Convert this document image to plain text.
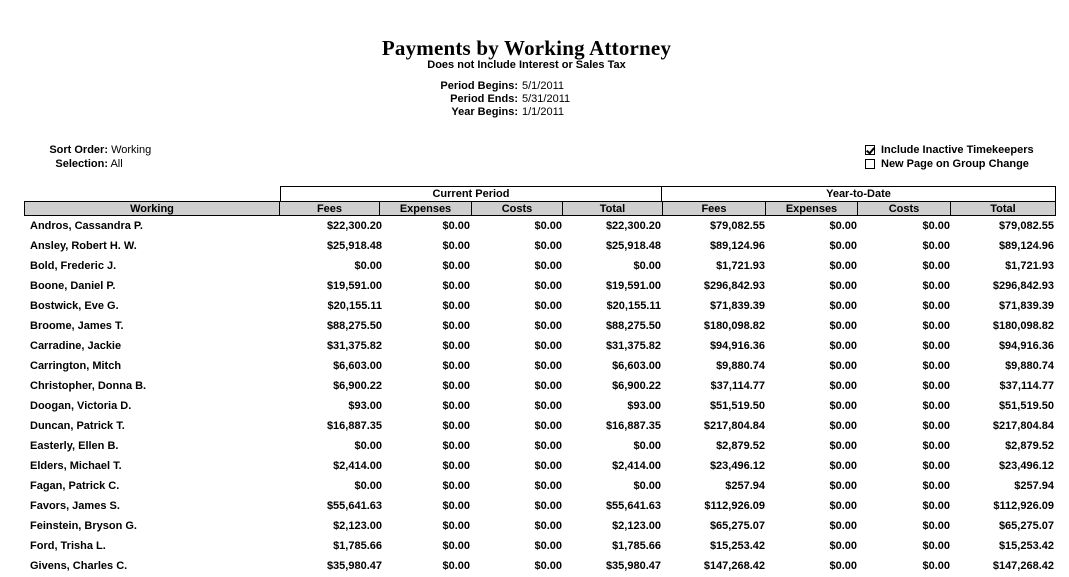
Payments by Working Attorney
Does not Include Interest or Sales Tax
Period Begins: 5/1/2011
Period Ends: 5/31/2011
Year Begins: 1/1/2011
Sort Order: Working
Selection: All
Include Inactive Timekeepers
New Page on Group Change
Current Period	Year-to-Date
Working	Fees	Expenses	Costs	Total	Fees	Expenses	Costs	Total
Andros, Cassandra P.	$22,300.20	$0.00	$0.00	$22,300.20	$79,082.55	$0.00	$0.00	$79,082.55
Ansley, Robert H. W.	$25,918.48	$0.00	$0.00	$25,918.48	$89,124.96	$0.00	$0.00	$89,124.96
Bold, Frederic J.	$0.00	$0.00	$0.00	$0.00	$1,721.93	$0.00	$0.00	$1,721.93
Boone, Daniel P.	$19,591.00	$0.00	$0.00	$19,591.00	$296,842.93	$0.00	$0.00	$296,842.93
Bostwick, Eve G.	$20,155.11	$0.00	$0.00	$20,155.11	$71,839.39	$0.00	$0.00	$71,839.39
Broome, James T.	$88,275.50	$0.00	$0.00	$88,275.50	$180,098.82	$0.00	$0.00	$180,098.82
Carradine, Jackie	$31,375.82	$0.00	$0.00	$31,375.82	$94,916.36	$0.00	$0.00	$94,916.36
Carrington, Mitch	$6,603.00	$0.00	$0.00	$6,603.00	$9,880.74	$0.00	$0.00	$9,880.74
Christopher, Donna B.	$6,900.22	$0.00	$0.00	$6,900.22	$37,114.77	$0.00	$0.00	$37,114.77
Doogan, Victoria D.	$93.00	$0.00	$0.00	$93.00	$51,519.50	$0.00	$0.00	$51,519.50
Duncan, Patrick T.	$16,887.35	$0.00	$0.00	$16,887.35	$217,804.84	$0.00	$0.00	$217,804.84
Easterly, Ellen B.	$0.00	$0.00	$0.00	$0.00	$2,879.52	$0.00	$0.00	$2,879.52
Elders, Michael T.	$2,414.00	$0.00	$0.00	$2,414.00	$23,496.12	$0.00	$0.00	$23,496.12
Fagan, Patrick C.	$0.00	$0.00	$0.00	$0.00	$257.94	$0.00	$0.00	$257.94
Favors, James S.	$55,641.63	$0.00	$0.00	$55,641.63	$112,926.09	$0.00	$0.00	$112,926.09
Feinstein, Bryson G.	$2,123.00	$0.00	$0.00	$2,123.00	$65,275.07	$0.00	$0.00	$65,275.07
Ford, Trisha L.	$1,785.66	$0.00	$0.00	$1,785.66	$15,253.42	$0.00	$0.00	$15,253.42
Givens, Charles C.	$35,980.47	$0.00	$0.00	$35,980.47	$147,268.42	$0.00	$0.00	$147,268.42
